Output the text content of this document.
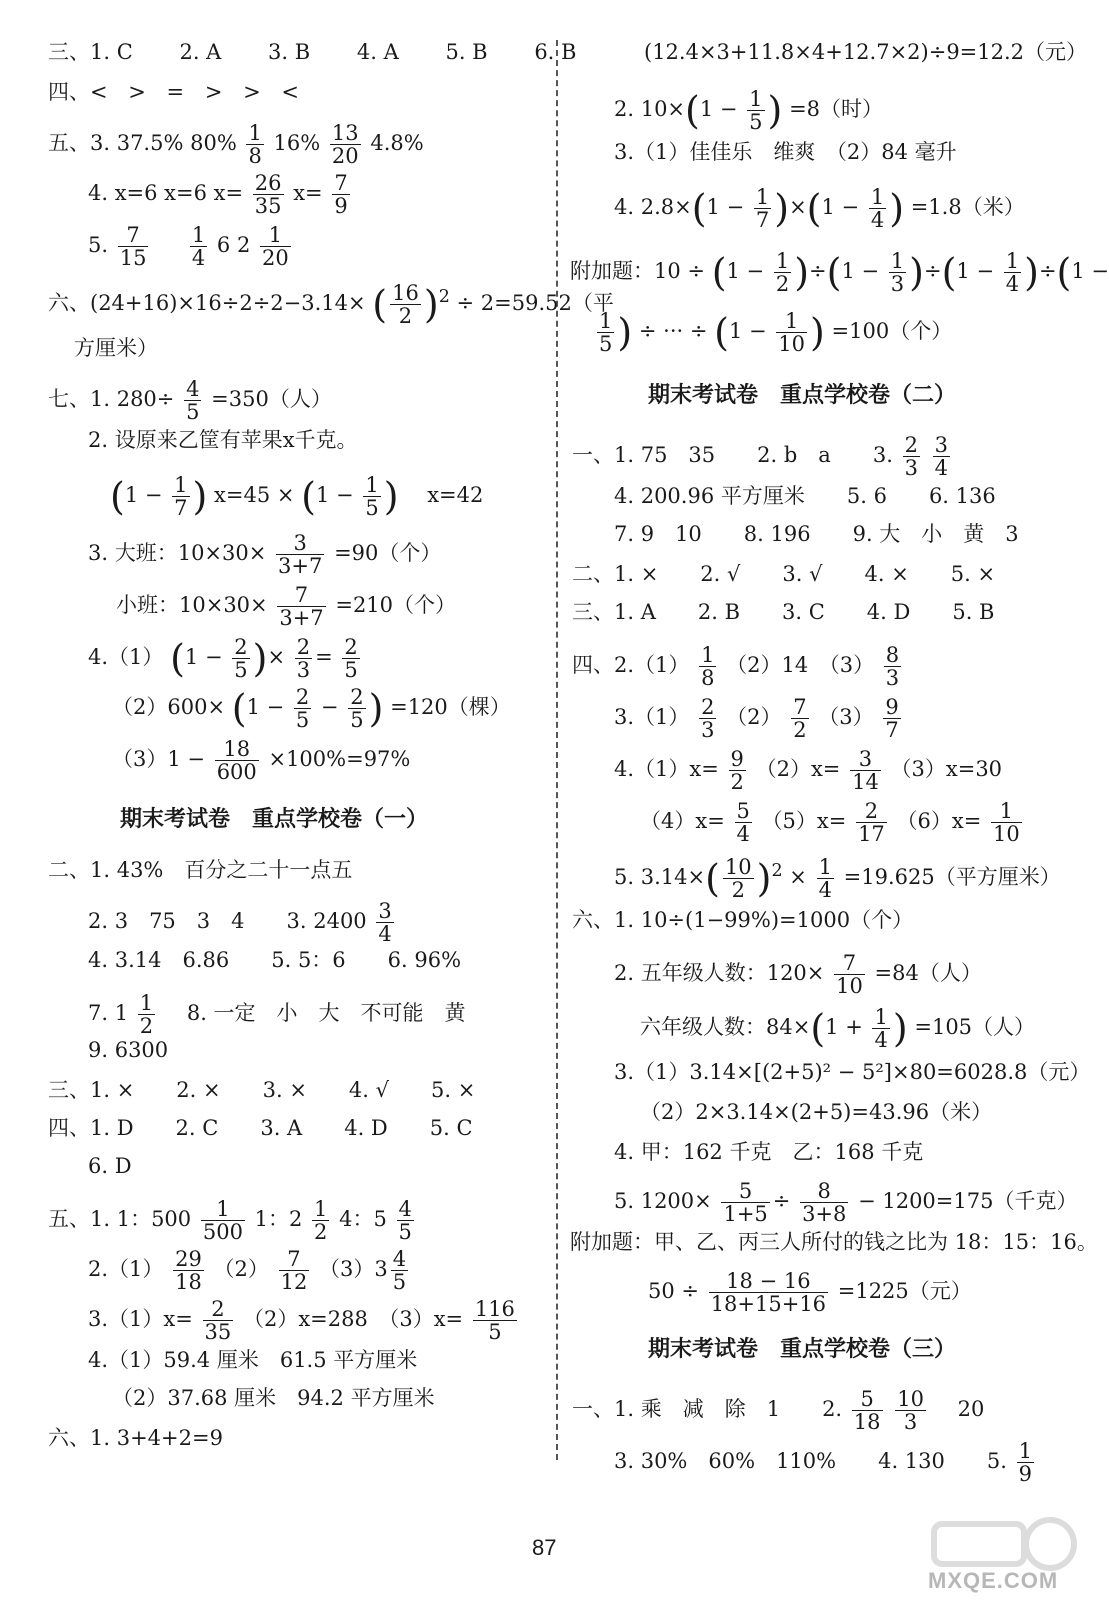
三、1. C 2. A 3. B 4. A 5. B 6. B
四、< > = > > <
五、3. 37.5% $80\% \frac{1}{8} 16\% \frac{13}{20} 4.8\%$
4. x=6 x=6 $x= \frac{26}{35} x= \frac{7}{9}$
5. $\frac{7}{15}$
$\frac{1}{4} 6$ $2 \frac{1}{20}$
六、(24+16)×16÷2÷2−3.14× ( $\frac{16}{2} )^2 \div 2=59.52$（平
方厘米）
七、1. $280\div \frac{4}{5} =350$（人）
2. 设原来乙筐有苹果x千克。
($1 - \frac{1}{7}$ ) $x=45 \times (1 - \frac{1}{5}$ ) x=42
3. 大班：$10\times 30\times \frac{3}{3+7} =90$（个）
小班：$10\times 30\times \frac{7}{3+7} =210$（个）
4.（1） ($1 - \frac{2}{5}$ )× $\frac{2}{3} = \frac{2}{5}$
$(2)600\times (1 - \frac{2}{5} - \frac{2}{5}$ ) =120（棵）
$(3)1 - \frac{18}{600} \times 100\%=97\%$
期末考试卷　重点学校卷（一）
二、1. 43%　百分之二十一点五
2. 3　75　3　4　　3. $2400 \frac{3}{4}$
4. 3.14　6.86　　5. 5：6　　6. 96%
7. $1 \frac{1}{2} 8$. 一定　小　大　不可能　黄
9. 6300
三、1. ×　　2. ×　　3. ×　　4. √　　5. ×
四、1. D　　2. C　　3. A　　4. D　　5. C
6. D
五、1. 1：$500 \frac{1}{500} 1$：$2 \frac{1}{2} 4$：$5 \frac{4}{5}$
$2.(1) \frac{29}{18} (2) \frac{7}{12} (3)3 \frac{4}{5}$
$3.(1)x= \frac{2}{35} (2)x=288$　$(3)x= \frac{116}{5}$
4.（1）59.4 厘米　61.5 平方厘米
（2）37.68 厘米　94.2 平方厘米
六、1. 3+4+2=9
(12.4×3+11.8×4+12.7×2)÷9=12.2（元）
2. $10\times(1 - \frac{1}{5}$ ) =8（时）
3.（1）佳佳乐　维爽　（2）84 毫升
4. $2.8\times(1 - \frac{1}{7} )\times(1 - \frac{1}{4}$ ) =1.8（米）
附加题：$10 \div (1 - \frac{1}{2} )\div(1 - \frac{1}{3} )\div(1 - \frac{1}{4} )\div(1$ −
$\frac{1}{5}$ ) ÷ ··· ÷ ($1 - \frac{1}{10}$ ) =100（个）
期末考试卷　重点学校卷（二）
一、1. 75　35　　2. b　a　　3. $\frac{2}{3}$
$\frac{3}{4}$
4. 200.96 平方厘米　　5. 6　　6. 136
7. 9　10　　8. 196　　9. 大　小　黄　3
二、1. ×　　2. √　　3. √　　4. ×　　5. ×
三、1. A　　2. B　　3. C　　4. D　　5. B
四、$2.(1) \frac{1}{8} (2)14$　$(3) \frac{8}{3}$
$3.(1) \frac{2}{3} (2) \frac{7}{2} (3) \frac{9}{7}$
$4.(1)x= \frac{9}{2} (2)x= \frac{3}{14} (3)x=30$
$(4)x= \frac{5}{4} (5)x= \frac{2}{17} (6)x= \frac{1}{10}$
5. $3.14\times( \frac{10}{2} )^2 \times \frac{1}{4} =19.625$（平方厘米）
六、1. 10÷(1−99%)=1000（个）
2. 五年级人数：$120\times \frac{7}{10} =84$（人）
六年级人数：$84\times(1 + \frac{1}{4}$ ) =105（人）
3.（1）3.14×[(2+5)² − 5²]×80=6028.8（元）
（2）2×3.14×(2+5)=43.96（米）
4. 甲：162 千克　乙：168 千克
5. $1200\times \frac{5}{1+5} \div \frac{8}{3+8} - 1200=175$（千克）
附加题：甲、乙、丙三人所付的钱之比为 18：15：16。
$50 \div \frac{18 - 16}{18+15+16} =1225$（元）
期末考试卷　重点学校卷（三）
一、1. 乘　减　除　1　　2. $\frac{5}{18}$
$\frac{10}{3} 20$
3. 30%　60%　110%　　4. 130　　5. $\frac{1}{9}$
87
MXQE.COM
